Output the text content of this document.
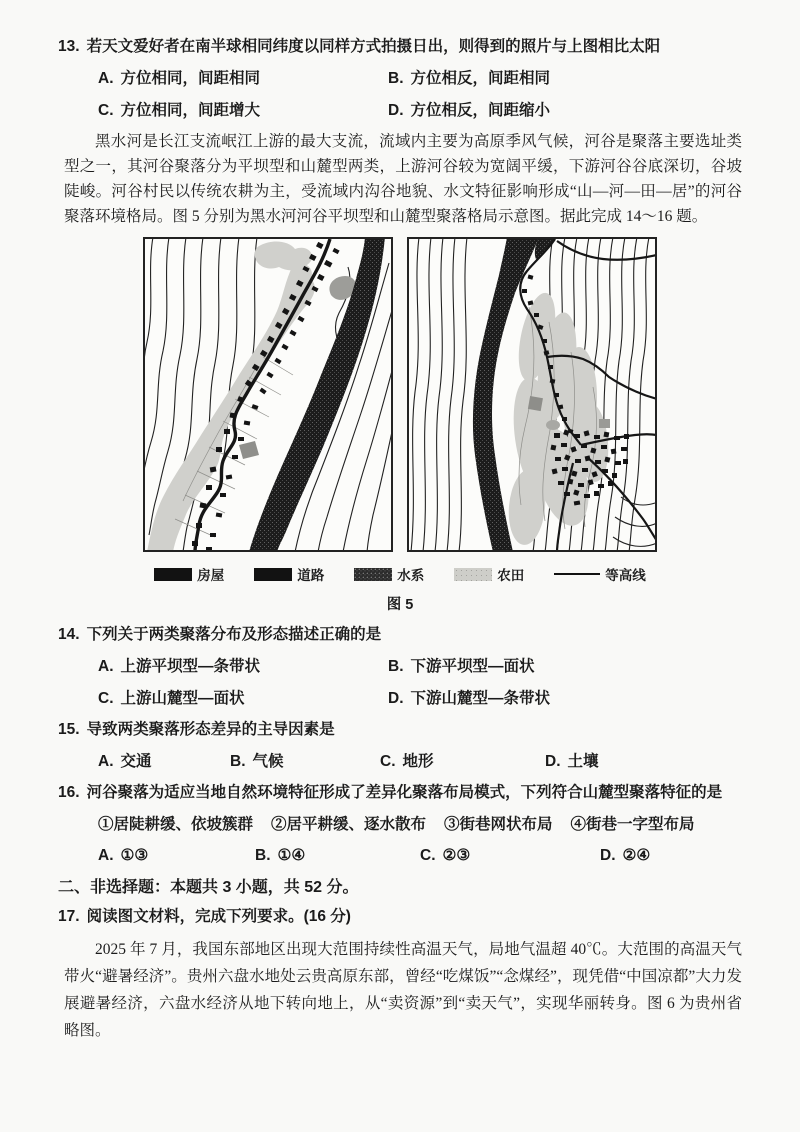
13. 若天文爱好者在南半球相同纬度以同样方式拍摄日出，则得到的照片与上图相比太阳

A. 方位相同，间距相同	B. 方位相反，间距相同
C. 方位相同，间距增大	D. 方位相反，间距缩小

黑水河是长江支流岷江上游的最大支流，流域内主要为高原季风气候，河谷是聚落主要选址类型之一，其河谷聚落分为平坝型和山麓型两类，上游河谷较为宽阔平缓，下游河谷谷底深切，谷坡陡峻。河谷村民以传统农耕为主，受流域内沟谷地貌、水文特征影响形成“山—河—田—居”的河谷聚落环境格局。图 5 分别为黑水河河谷平坝型和山麓型聚落格局示意图。据此完成 14～16 题。

房屋	道路	水系	农田	等高线
图 5

14. 下列关于两类聚落分布及形态描述正确的是

A. 上游平坝型—条带状	B. 下游平坝型—面状
C. 上游山麓型—面状	D. 下游山麓型—条带状

15. 导致两类聚落形态差异的主导因素是

A. 交通	B. 气候	C. 地形	D. 土壤

16. 河谷聚落为适应当地自然环境特征形成了差异化聚落布局模式，下列符合山麓型聚落特征的是

①居陡耕缓、依坡簇群 ②居平耕缓、逐水散布 ③街巷网状布局 ④街巷一字型布局
A. ①③	B. ①④	C. ②③	D. ②④

二、非选择题：本题共 3 小题，共 52 分。

17. 阅读图文材料，完成下列要求。(16 分)

2025 年 7 月，我国东部地区出现大范围持续性高温天气，局地气温超 40℃。大范围的高温天气带火“避暑经济”。贵州六盘水地处云贵高原东部，曾经“吃煤饭”“念煤经”，现凭借“中国凉都”大力发展避暑经济，六盘水经济从地下转向地上，从“卖资源”到“卖天气”，实现华丽转身。图 6 为贵州省略图。
